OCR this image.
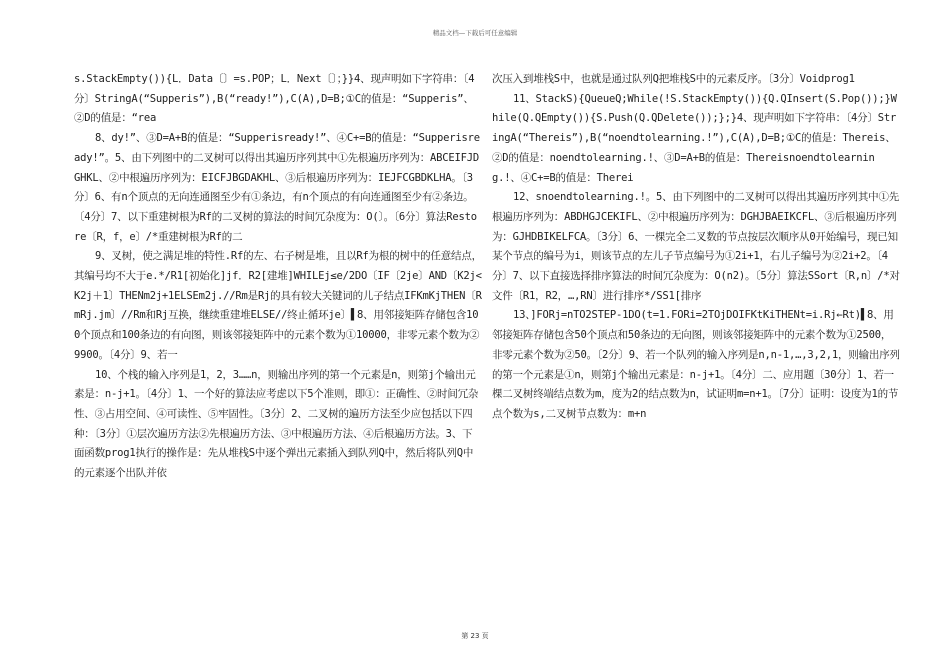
精品文档—下载后可任意编辑

s.StackEmpty()){L．Data〔〕=s.POP；L．Next〔〕；}}4、现声明如下字符串：〔4分〕StringA(“Supperis”),B(“ready!”),C(A),D=B;①C的值是：“Supperis”、②D的值是：“rea

8、dy!”、③D=A+B的值是：“Supperisready!”、④C+=B的值是：“Supperisready!”。5、由下列图中的二叉树可以得出其遍历序列其中①先根遍历序列为：ABCEIFJDGHKL、②中根遍历序列为：EICFJBGDAKHL、③后根遍历序列为：IEJFCGBDKLHA。〔3分〕6、有n个顶点的无向连通图至少有①条边，有n个顶点的有向连通图至少有②条边。〔4分〕7、以下重建树根为Rf的二叉树的算法的时间冗杂度为：O(〕。〔6分〕算法Restore〔R，f，e〕/*重建树根为Rf的二

9、叉树，使之满足堆的特性.Rf的左、右子树是堆，且以Rf为根的树中的任意结点，其编号均不大于e.*/R1[初始化]jf．R2[建堆]WHILEj≤e/2DO〔IF〔2je〕AND〔K2j<K2j＋1〕THENm2j+1ELSEm2j.//Rm是Rj的具有较大关键词的儿子结点IFKmKjTHEN〔RmRj.jm〕//Rm和Rj互换，继续重建堆ELSE//终止循环je〕▌8、用邻接矩阵存储包含100个顶点和100条边的有向图，则该邻接矩阵中的元素个数为①10000，非零元素个数为②9900。〔4分〕9、若一

10、个栈的输入序列是1，2，3……n，则输出序列的第一个元素是n，则第j个输出元素是：n-j+1。〔4分〕1、一个好的算法应考虑以下5个准则，即①：正确性、②时间冗杂性、③占用空间、④可读性、⑤牢固性。〔3分〕2、二叉树的遍历方法至少应包括以下四种：〔3分〕①层次遍历方法②先根遍历方法、③中根遍历方法、④后根遍历方法。3、下面函数prog1执行的操作是：先从堆栈S中逐个弹出元素插入到队列Q中，然后将队列Q中的元素逐个出队并依

次压入到堆栈S中，也就是通过队列Q把堆栈S中的元素反序。〔3分〕Voidprog1

11、StackS){QueueQ;While(!S.StackEmpty()){Q.QInsert(S.Pop());}While(Q.QEmpty()){S.Push(Q.QDelete());};}4、现声明如下字符串：〔4分〕StringA(“Thereis”),B(“noendtolearning.!”),C(A),D=B;①C的值是：Thereis、②D的值是：noendtolearning.!、③D=A+B的值是：Thereisnoendtolearning.!、④C+=B的值是：Therei

12、snoendtolearning.!。5、由下列图中的二叉树可以得出其遍历序列其中①先根遍历序列为：ABDHGJCEKIFL、②中根遍历序列为：DGHJBAEIKCFL、③后根遍历序列为：GJHDBIKELFCA。〔3分〕6、一棵完全二叉数的节点按层次顺序从0开始编号，现已知某个节点的编号为i，则该节点的左儿子节点编号为①2i+1，右儿子编号为②2i+2。〔4分〕7、以下直接选择排序算法的时间冗杂度为：O(n2)。〔5分〕算法SSort〔R,n〕/*对文件〔R1，R2，…,RN〕进行排序*/SS1[排序

13、]FORj=nTO2STEP-1DO(t=1.FORi=2TOjDOIFKtKiTHENt=i.Rj←Rt)▌8、用邻接矩阵存储包含50个顶点和50条边的无向图，则该邻接矩阵中的元素个数为①2500，非零元素个数为②50。〔2分〕9、若一个队列的输入序列是n,n-1,…,3,2,1，则输出序列的第一个元素是①n，则第j个输出元素是：n-j+1。〔4分〕二、应用题〔30分〕1、若一棵二叉树终端结点数为m，度为2的结点数为n，试证明m=n+1。〔7分〕证明：设度为1的节点个数为s,二叉树节点数为：m+n

第 23 页
